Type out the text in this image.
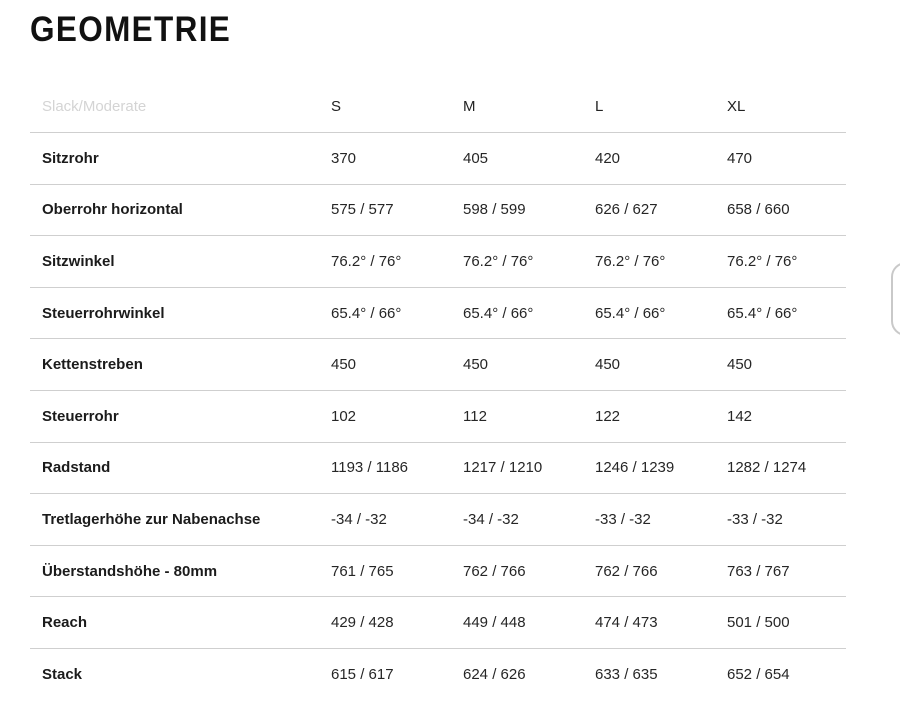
GEOMETRIE
Slack/Moderate	S	M	L	XL
Sitzrohr	370	405	420	470
Oberrohr horizontal	575 / 577	598 / 599	626 / 627	658 / 660
Sitzwinkel	76.2° / 76°	76.2° / 76°	76.2° / 76°	76.2° / 76°
Steuerrohrwinkel	65.4° / 66°	65.4° / 66°	65.4° / 66°	65.4° / 66°
Kettenstreben	450	450	450	450
Steuerrohr	102	112	122	142
Radstand	1193 / 1186	1217 / 1210	1246 / 1239	1282 / 1274
Tretlagerhöhe zur Nabenachse	-34 / -32	-34 / -32	-33 / -32	-33 / -32
Überstandshöhe - 80mm	761 / 765	762 / 766	762 / 766	763 / 767
Reach	429 / 428	449 / 448	474 / 473	501 / 500
Stack	615 / 617	624 / 626	633 / 635	652 / 654
